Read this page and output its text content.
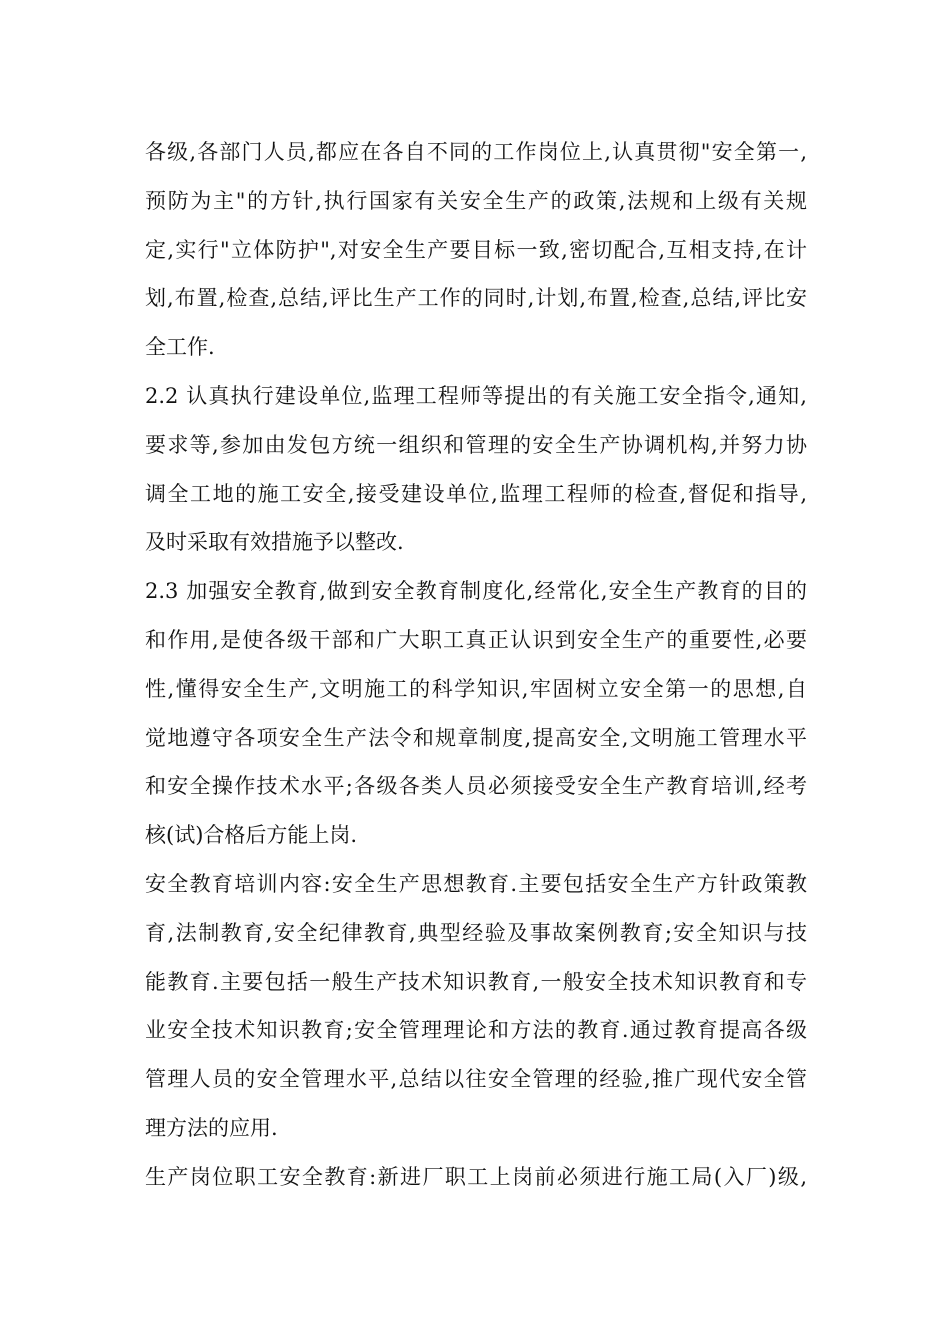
各级,各部门人员,都应在各自不同的工作岗位上,认真贯彻"安全第一,
预防为主"的方针,执行国家有关安全生产的政策,法规和上级有关规
定,实行"立体防护",对安全生产要目标一致,密切配合,互相支持,在计
划,布置,检查,总结,评比生产工作的同时,计划,布置,检查,总结,评比安
全工作.
2.2 认真执行建设单位,监理工程师等提出的有关施工安全指令,通知,
要求等,参加由发包方统一组织和管理的安全生产协调机构,并努力协
调全工地的施工安全,接受建设单位,监理工程师的检查,督促和指导,
及时采取有效措施予以整改.
2.3 加强安全教育,做到安全教育制度化,经常化,安全生产教育的目的
和作用,是使各级干部和广大职工真正认识到安全生产的重要性,必要
性,懂得安全生产,文明施工的科学知识,牢固树立安全第一的思想,自
觉地遵守各项安全生产法令和规章制度,提高安全,文明施工管理水平
和安全操作技术水平;各级各类人员必须接受安全生产教育培训,经考
核(试)合格后方能上岗.
安全教育培训内容:安全生产思想教育.主要包括安全生产方针政策教
育,法制教育,安全纪律教育,典型经验及事故案例教育;安全知识与技
能教育.主要包括一般生产技术知识教育,一般安全技术知识教育和专
业安全技术知识教育;安全管理理论和方法的教育.通过教育提高各级
管理人员的安全管理水平,总结以往安全管理的经验,推广现代安全管
理方法的应用.
生产岗位职工安全教育:新进厂职工上岗前必须进行施工局(入厂)级,
